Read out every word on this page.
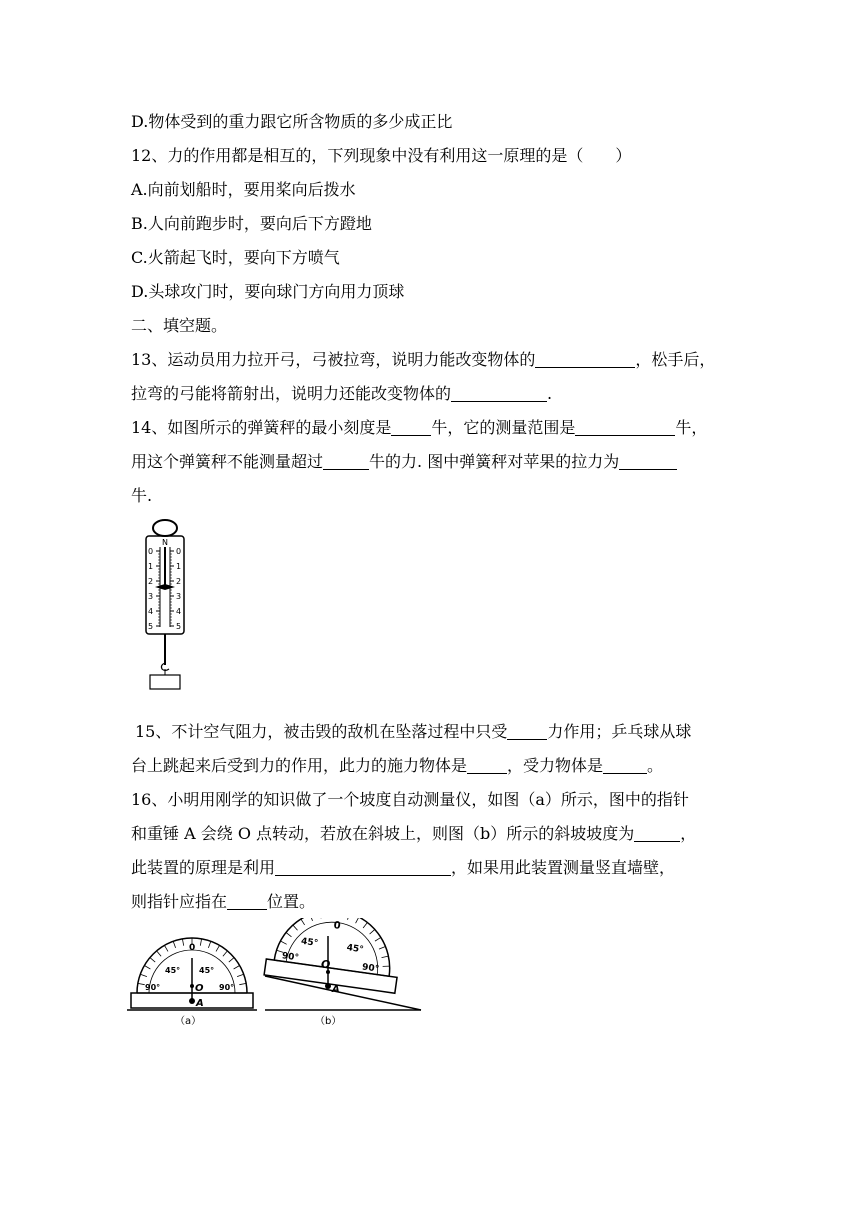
D.物体受到的重力跟它所含物质的多少成正比
12、力的作用都是相互的，下列现象中没有利用这一原理的是（　　）
A.向前划船时，要用桨向后拨水
B.人向前跑步时，要向后下方蹬地
C.火箭起飞时，要向下方喷气
D.头球攻门时，要向球门方向用力顶球
二、填空题。
13、运动员用力拉开弓，弓被拉弯，说明力能改变物体的	，松手后，
拉弯的弓能将箭射出，说明力还能改变物体的	.
14、如图所示的弹簧秤的最小刻度是	牛，它的测量范围是	牛，
用这个弹簧秤不能测量超过	牛的力. 图中弹簧秤对苹果的拉力为
牛.
N
0	0
1	1
2	2
3	3
4	4
5	5
15、不计空气阻力，被击毁的敌机在坠落过程中只受	力作用；乒乓球从球
台上跳起来后受到力的作用，此力的施力物体是	，受力物体是	。
16、小明用刚学的知识做了一个坡度自动测量仪，如图（a）所示，图中的指针
和重锤 A 会绕 O 点转动，若放在斜坡上，则图（b）所示的斜坡坡度为	，
此装置的原理是利用	，如果用此装置测量竖直墙壁，
则指针应指在	位置。
0
45° 45°
90°	90°
O
A
（a）
0
45°
45°
90°
90°
O
A
（b）
